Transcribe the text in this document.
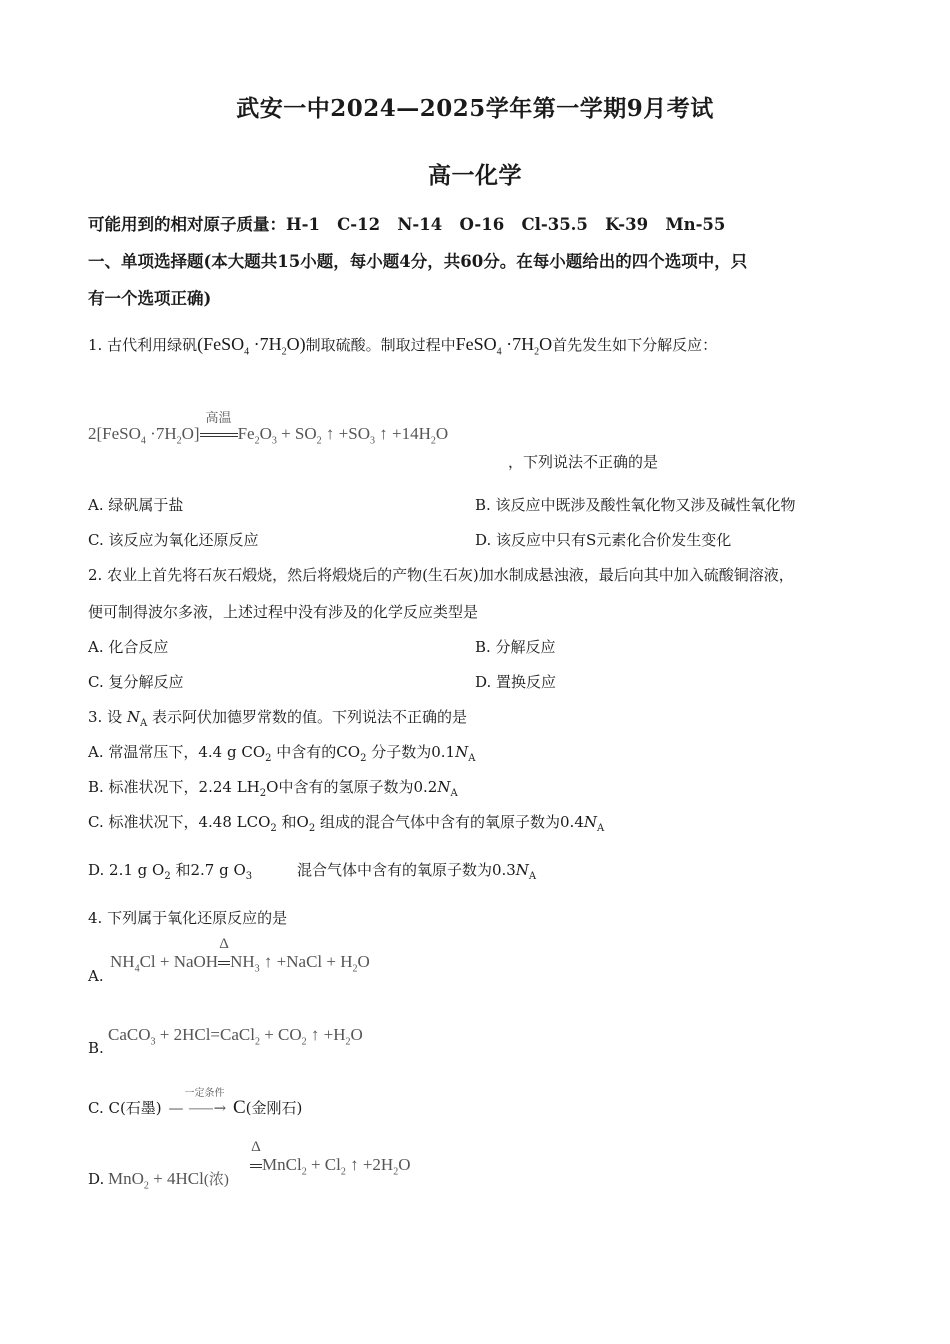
武安一中2024—2025学年第一学期9月考试
高一化学
可能用到的相对原子质量：H-1   C-12   N-14   O-16   Cl-35.5   K-39   Mn-55
一、单项选择题(本大题共15小题，每小题4分，共60分。在每小题给出的四个选项中，只
有一个选项正确)
1. 古代利用绿矾(FeSO$_4$ $\cdot 7H_2O$)制取硫酸。制取过程中FeSO$_4$ $\cdot 7H_2O$首先发生如下分解反应：
2[FeSO$_4$ $\cdot 7H_2O$]
高温
$Fe_2O_3 + SO_2$ ↑ $+SO_3$ ↑ $+14H_2O$
，下列说法不正确的是
A. 绿矾属于盐	B. 该反应中既涉及酸性氧化物又涉及碱性氧化物
C. 该反应为氧化还原反应	D. 该反应中只有S元素化合价发生变化
2. 农业上首先将石灰石煅烧，然后将煅烧后的产物(生石灰)加水制成悬浊液，最后向其中加入硫酸铜溶液，
便可制得波尔多液，上述过程中没有涉及的化学反应类型是
A. 化合反应	B. 分解反应
C. 复分解反应	D. 置换反应
3. 设 $N_A$ 表示阿伏加德罗常数的值。下列说法不正确的是
A. 常温常压下，4.4 g $CO_2$ 中含有的$CO_2$ 分子数为$0.1N_A$
B. 标准状况下，2.24 $LH_2O$中含有的氢原子数为$0.2N_A$
C. 标准状况下，4.48 $LCO_2$ 和$O_2$ 组成的混合气体中含有的氧原子数为$0.4N_A$
D. 2.1 g $O_2$ 和2.7 g $O_3$	混合气体中含有的氧原子数为$0.3N_A$
4. 下列属于氧化还原反应的是
A.
$NH_4Cl$ + NaOH
Δ
$NH_3$ ↑ +NaCl + $H_2O$
B.
CaCO$_3$ + 2HCl=CaCl$_2$ + $CO_2$ ↑ $+H_2O$
C. C(石墨)
一定条件
— ⸺→ C(金刚石)
D. MnO$_2$ + 4HCl(浓)
Δ
MnCl$_2$ + $Cl_2$ ↑ $+2H_2O$
